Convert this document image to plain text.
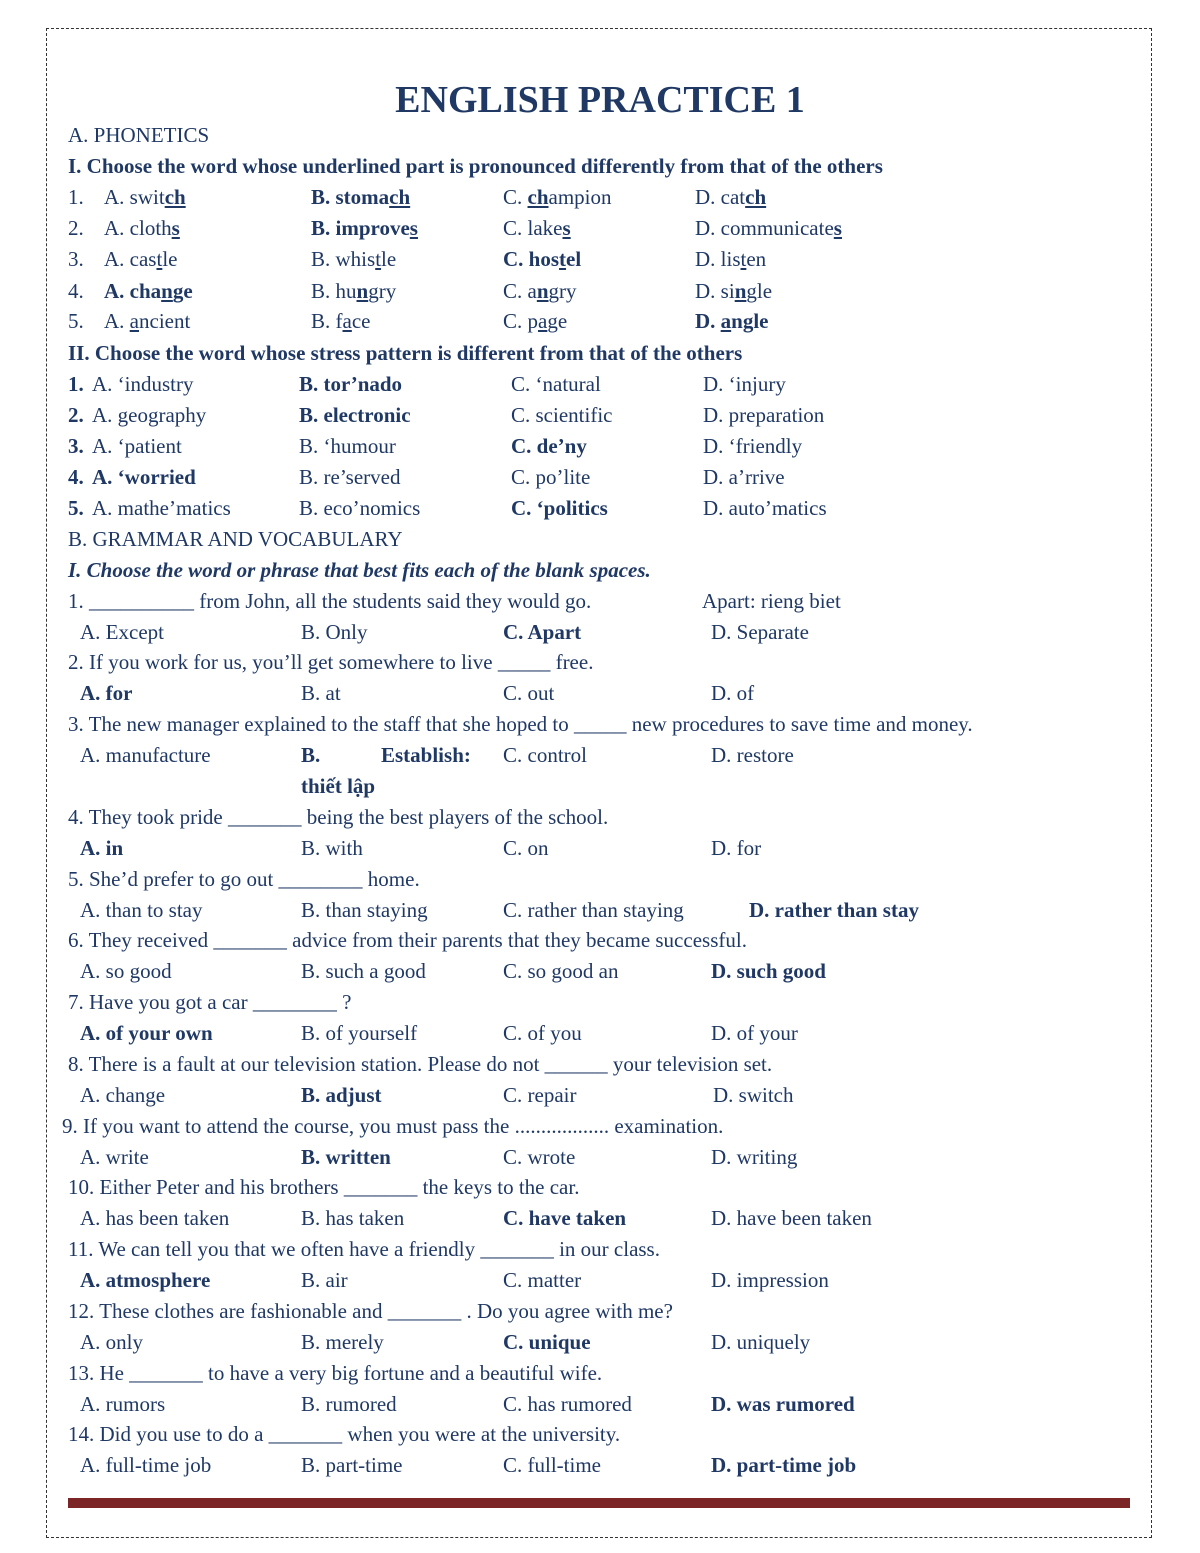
ENGLISH PRACTICE 1
A. PHONETICS
I. Choose the word whose underlined part is pronounced differently from that of the others
1. A. switch	B. stomach	C. champion	D. catch
2. A. cloths	B. improves	C. lakes	D. communicates
3. A. castle	B. whistle	C. hostel	D. listen
4. A. change	B. hungry	C. angry	D. single
5. A. ancient	B. face	C. page	D. angle
II. Choose the word whose stress pattern is different from that of the others
1. A. ‘industry	B. tor’nado	C. ‘natural	D. ‘injury
2. A. geography	B. electronic	C. scientific	D. preparation
3. A. ‘patient	B. ‘humour	C. de’ny	D. ‘friendly
4. A. ‘worried	B. re’served	C. po’lite	D. a’rrive
5. A. mathe’matics	B. eco’nomics	C. ‘politics	D. auto’matics
B. GRAMMAR AND VOCABULARY
I. Choose the word or phrase that best fits each of the blank spaces.
1. __________ from John, all the students said they would go.	Apart: rieng biet
A. Except	B. Only	C. Apart	D. Separate
2. If you work for us, you’ll get somewhere to live _____ free.
A. for	B. at	C. out	D. of
3. The new manager explained to the staff that she hoped to _____ new procedures to save time and money.
A. manufacture	B.	Establish: C. control	D. restore
thiết lập
4. They took pride _______ being the best players of the school.
A. in	B. with	C. on	D. for
5. She’d prefer to go out ________ home.
A. than to stay	B. than staying	C. rather than staying	D. rather than stay
6. They received _______ advice from their parents that they became successful.
A. so good	B. such a good	C. so good an	D. such good
7. Have you got a car ________ ?
A. of your own	B. of yourself	C. of you	D. of your
8. There is a fault at our television station. Please do not ______ your television set.
A. change	B. adjust	C. repair	D. switch
9. If you want to attend the course, you must pass the .................. examination.
A. write	B. written	C. wrote	D. writing
10. Either Peter and his brothers _______ the keys to the car.
A. has been taken	B. has taken	C. have taken	D. have been taken
11. We can tell you that we often have a friendly _______ in our class.
A. atmosphere	B. air	C. matter	D. impression
12. These clothes are fashionable and _______ . Do you agree with me?
A. only	B. merely	C. unique	D. uniquely
13. He _______ to have a very big fortune and a beautiful wife.
A. rumors	B. rumored	C. has rumored	D. was rumored
14. Did you use to do a _______ when you were at the university.
A. full-time job	B. part-time	C. full-time	D. part-time job
